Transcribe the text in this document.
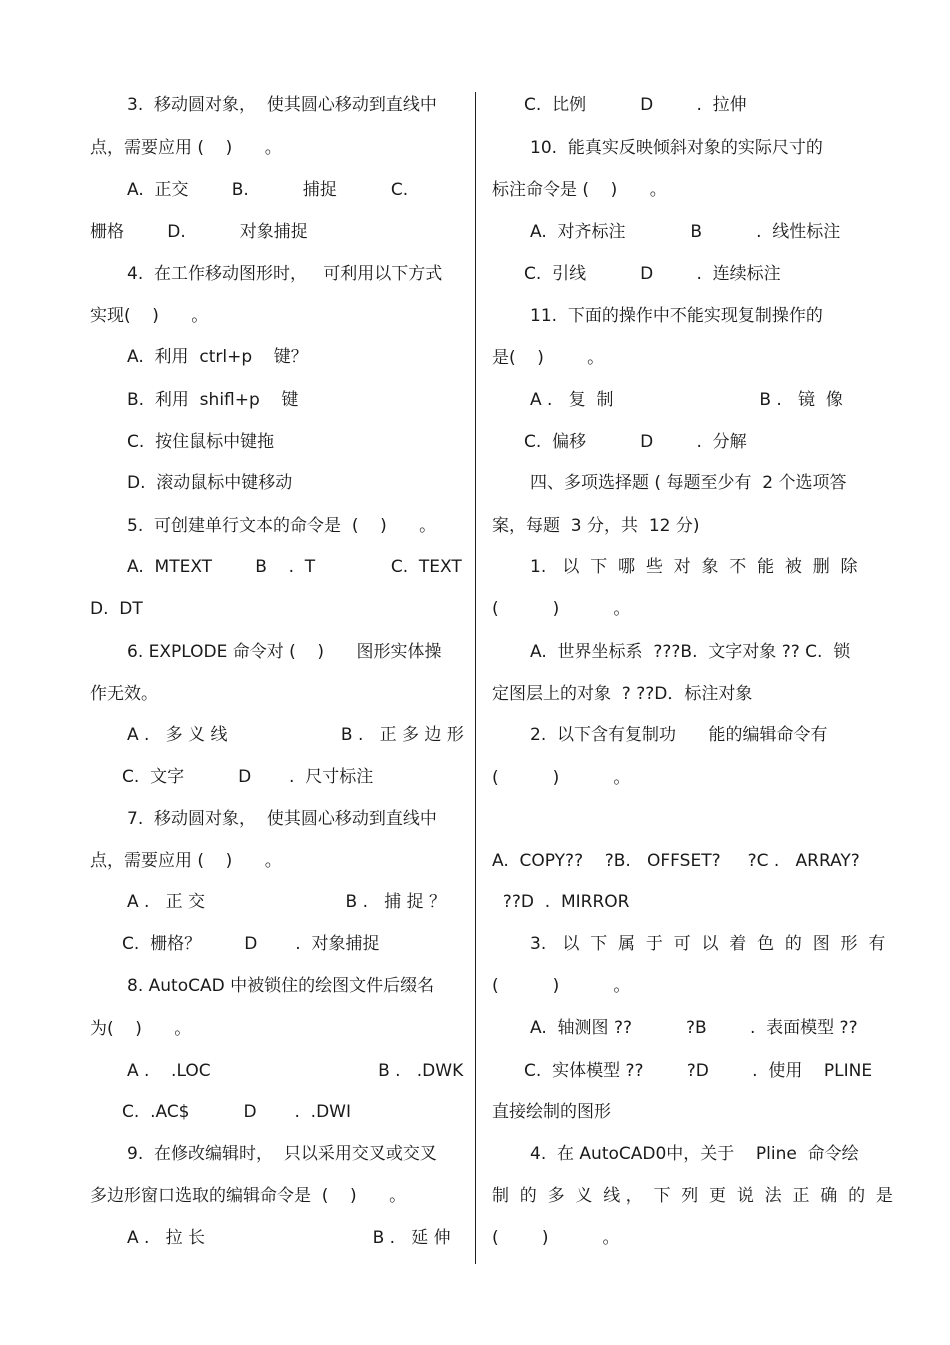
3.  移动圆对象，  使其圆心移动到直线中
点，需要应用 (    )      。
A.  正交        B.          捕捉          C.
栅格        D.          对象捕捉
4.  在工作移动图形时，   可利用以下方式
实现(    )      。
A.  利用  ctrl+p    键？
B.  利用  shifl+p    键
C.  按住鼠标中键拖
D.  滚动鼠标中键移动
5.  可创建单行文本的命令是  (    )      。
A.  MTEXT        B    .  T              C.  TEXT
D.  DT
6. EXPLODE 命令对 (    )      图形实体操
作无效。
A .   多 义 线                     B .   正 多 边 形
C.  文字          D       .  尺寸标注
7.  移动圆对象，  使其圆心移动到直线中
点，需要应用 (    )      。
A .   正 交                          B .   捕 捉 ？
C.  栅格？        D       .  对象捕捉
8. AutoCAD 中被锁住的绘图文件后缀名
为(    )      。
A .    .LOC                               B .   .DWK
C.  .AC$          D       .  .DWI
9.  在修改编辑时，  只以采用交叉或交叉
多边形窗口选取的编辑命令是  (    )      。
A .   拉 长                               B .   延 伸
C.  比例          D        .  拉伸
10.  能真实反映倾斜对象的实际尺寸的
标注命令是 (    )      。
A.  对齐标注            B          .  线性标注
C.  引线          D        .  连续标注
11.  下面的操作中不能实现复制操作的
是(    )        。
A .   复  制                           B .   镜  像
C.  偏移          D        .  分解
四、多项选择题 ( 每题至少有  2 个选项答
案，每题  3 分，共  12 分)
1.   以  下  哪  些  对  象  不  能  被  删  除
(          )          。
A.  世界坐标系  ???B.  文字对象 ?? C.  锁
定图层上的对象  ? ??D．标注对象
2.  以下含有复制功      能的编辑命令有
(          )          。
A.  COPY??    ?B.   OFFSET?     ?C .   ARRAY?
??D  .  MIRROR
3.   以  下  属  于  可  以  着  色  的  图  形  有
(          )          。
A.  轴测图 ??          ?B        .  表面模型 ??
C.  实体模型 ??        ?D        .  使用    PLINE
直接绘制的图形
4.  在 AutoCAD0中，关于    Pline  命令绘
制  的  多  义  线 ，  下  列  更  说  法  正  确  的  是
(        )          。
